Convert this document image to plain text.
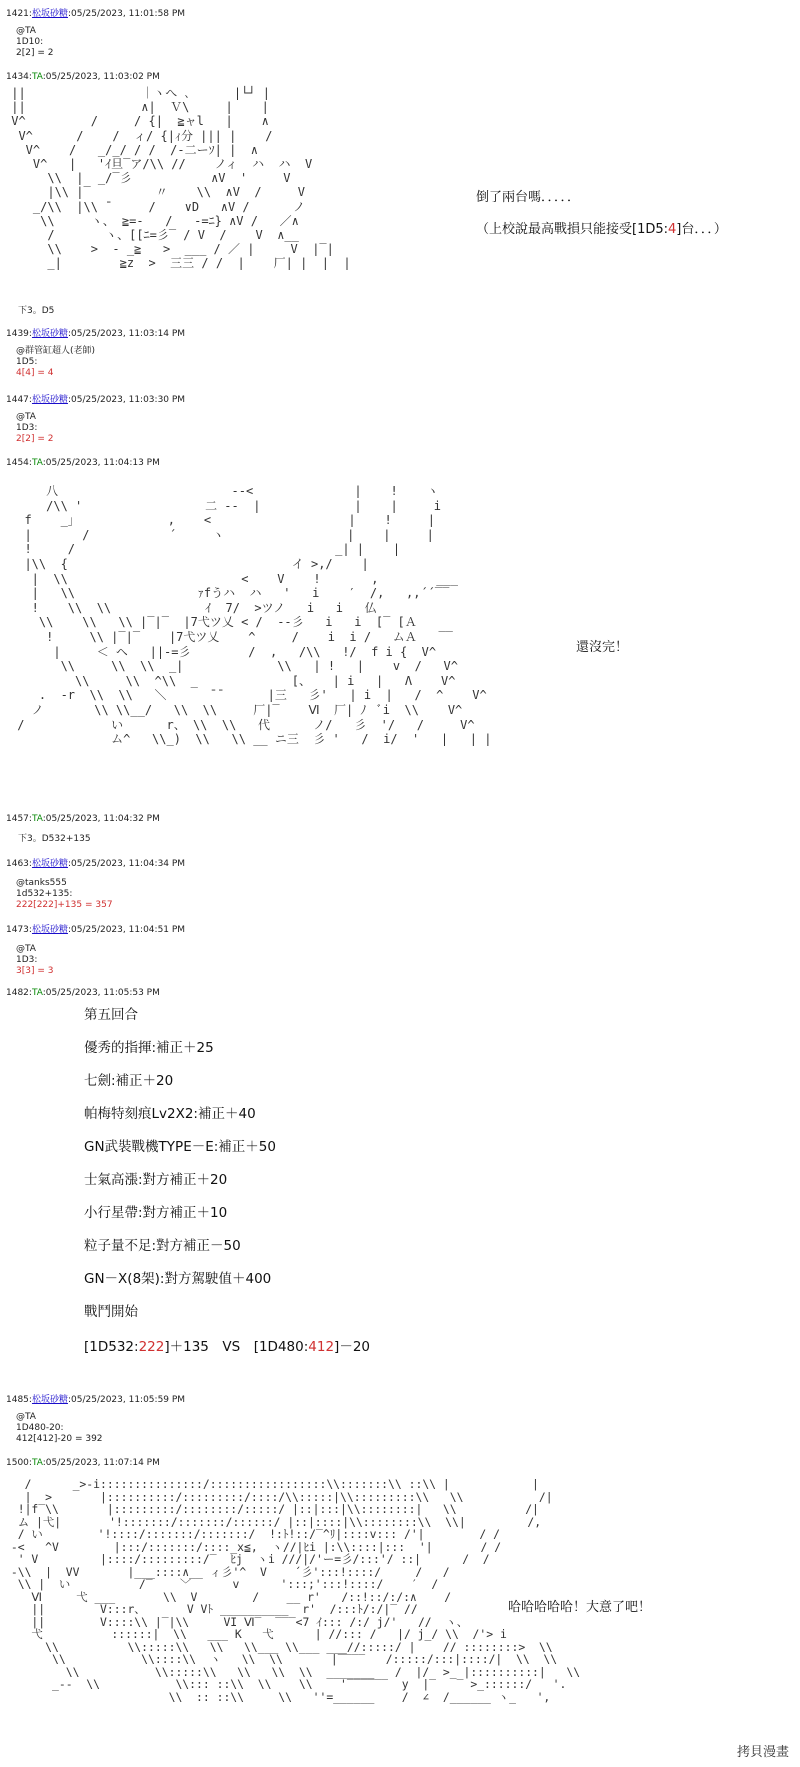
1421:松坂砂糖:05/25/2023, 11:01:58 PM
@TA
1D10:
2[2] = 2
1434:TA:05/25/2023, 11:03:02 PM
||                ｜ヽへ ､      |└┘ |
||                ∧|  Ｖ\     |    |
V^         /     / {|  ≧ャl   |    ∧
V^      /    /  ィ/ {|ｨ分 ||| |    /
V^    /   _/_/ / /  /-二ーｿ| |  ∧
V^   |   'ｲ旦‾ア/\\ //    ノィ  ハ  ハ  V
\\  |  _/‾彡           ∧V  '     V
|\\ |‾         〃    \\  ∧V  /     V
_/\\  |\\ ̄      /    ∨D   ∧V /      ノ
\\     ヽ、 ≧=-   /   -=ﾆ} ∧V /   ／∧
/       ヽ、[[ﾆ=彡‾ / V  /    V  ∧__
\\    >  - _≧   >  ___ / ／ |     V  |‾|
_|        ≧z  >  三三 / /  |    厂| |  |  |
下3。D5
倒了兩台嗎．．．．．
（上校說最高戰損只能接受[1D5:4]台．．．）
1439:松坂砂糖:05/25/2023, 11:03:14 PM
@群管缸超人(老師)
1D5:
4[4] = 4
1447:松坂砂糖:05/25/2023, 11:03:30 PM
@TA
1D3:
2[2] = 2
1454:TA:05/25/2023, 11:04:13 PM
八                        --<              |    !    ヽ
/\\ '                 二 --  |             |    |     i
f    _｣             ,    <                   |    !     |
|       /           ´     ヽ                 |    |     |
!     /                                    _| |    |
|\\  {                               イ >,/    |
|  \\                        <    V    !       ,        ___
|   \\                 ｧfうハ  ハ   '   i    ′  /,   ,,´´‾‾
!    \\  \\             ｲ  7/  >ツノ   i   i   仏
\\    \\   \\ |‾|‾  |7弋ツ乂 < /  --彡   i   i  [‾ [Ａ
!     \\ |‾|‾    |7弋ツ乂    ^     /    i  i /   ムＡ   ‾‾
|     ＜ ヘ   ||-=彡        /  ,   /\\   !/  f i {  V^
\\     \\  \\  _|             \\   | !   |    v  /   V^
\\     \\  ^\\  _             [、   | i   |   Λ    V^
.  -r  \\  \\   ＼      ¯¯      |三   彡'   | i  |   /  ^    V^
ノ       \\ \\__/   \\  \\     厂|‾    Ⅵ  厂| ﾉ  ﾞi  \\    V^
/            い      r、 \\  \\   代      ノ/   彡  '/   /     V^
ム^   \\_)  \\   \\ __ ニ三  彡 '   /  i/  '   |   | |
還沒完！
1457:TA:05/25/2023, 11:04:32 PM
下3。D532+135
1463:松坂砂糖:05/25/2023, 11:04:34 PM
@tanks555
1d532+135:
222[222]+135 = 357
1473:松坂砂糖:05/25/2023, 11:04:51 PM
@TA
1D3:
3[3] = 3
1482:TA:05/25/2023, 11:05:53 PM
第五回合
優秀的指揮:補正＋25
七劍:補正＋20
帕梅特刻痕Lv2X2:補正＋40
GN武裝戰機TYPE－E:補正＋50
士氣高漲:對方補正＋20
小行星帶:對方補正＋10
粒子量不足:對方補正－50
GN－X(8架):對方駕駛值＋400
戰鬥開始
[1D532:222]＋135　VS　[1D480:412]－20
1485:松坂砂糖:05/25/2023, 11:05:59 PM
@TA
1D480-20:
412[412]-20 = 392
1500:TA:05/25/2023, 11:07:14 PM
/      _>-i:::::::::::::::/:::::::::::::::::\\:::::::\\ ::\\ |            |
|  >       |::::::::::/:::::::::/::::/\\:::::|\\:::::::::\\   \\           /|
!|f‾\\       |:::::::::/::::::::/:::::/ |::|:::|\\::::::::|   \\          /|
ム |弋|       '!:::::::/:::::::/::::::/ |::|::::|\\::::::::\\  \\|         /,
/ い        '!::::/:::::::/:::::::/  !:ﾄ!::/‾^ﾘ|::::v::: /'|        / /
-<   ^V        |:::/:::::::/::::_x≦,  ヽ//|ﾋi |:\\::::|:::  '|       / /
' V         |::::/:::::::::/‾  ﾋj  ヽi ///|/'ー=彡/:::'/ ::|      /  /
-\\  |  VV       |___::::∧__ ィ彡'^  V    ´彡':::!::::/     /   /
\\ |  い          /‾    ﹀      v      ':::;':::!::::/    ′  /
Ⅵ     弋 ___       \\  V        /    __ r'   /::!::/:/:∧    /
||        V:::r、      V Vﾄ __________  r'  /:::ﾄ/:/|‾ //
||        V::::\\ |‾|\\     VI Ⅵ‾  ‾‾‾<7 ｲ::: /:/ j/'   //  ヽ、
弋          ::::::|  \\   ___ K   弋      | //::: /   |/ j_/ \\  /'> i
\\          \\:::::\\   \\   \\___ \\___ ___//:::::/ |    // ::::::::>  \\
\\           \\::::\\  ヽ   \\  \\       |‾‾‾‾   /:::::/:::|::::/|  \\  \\
\\           \\:::::\\   \\   \\  \\  _______   /  |/  >_ |::::::::::|   \\
_--  \\           \\::: ::\\  \\    \\    '‾‾‾‾‾‾  y  |‾   ‾ >_::::::/   '.
\\  :: ::\\     \\   ''=______    /  ∠  /______ ヽ_   ',
哈哈哈哈哈！大意了吧！
拷貝漫畫
